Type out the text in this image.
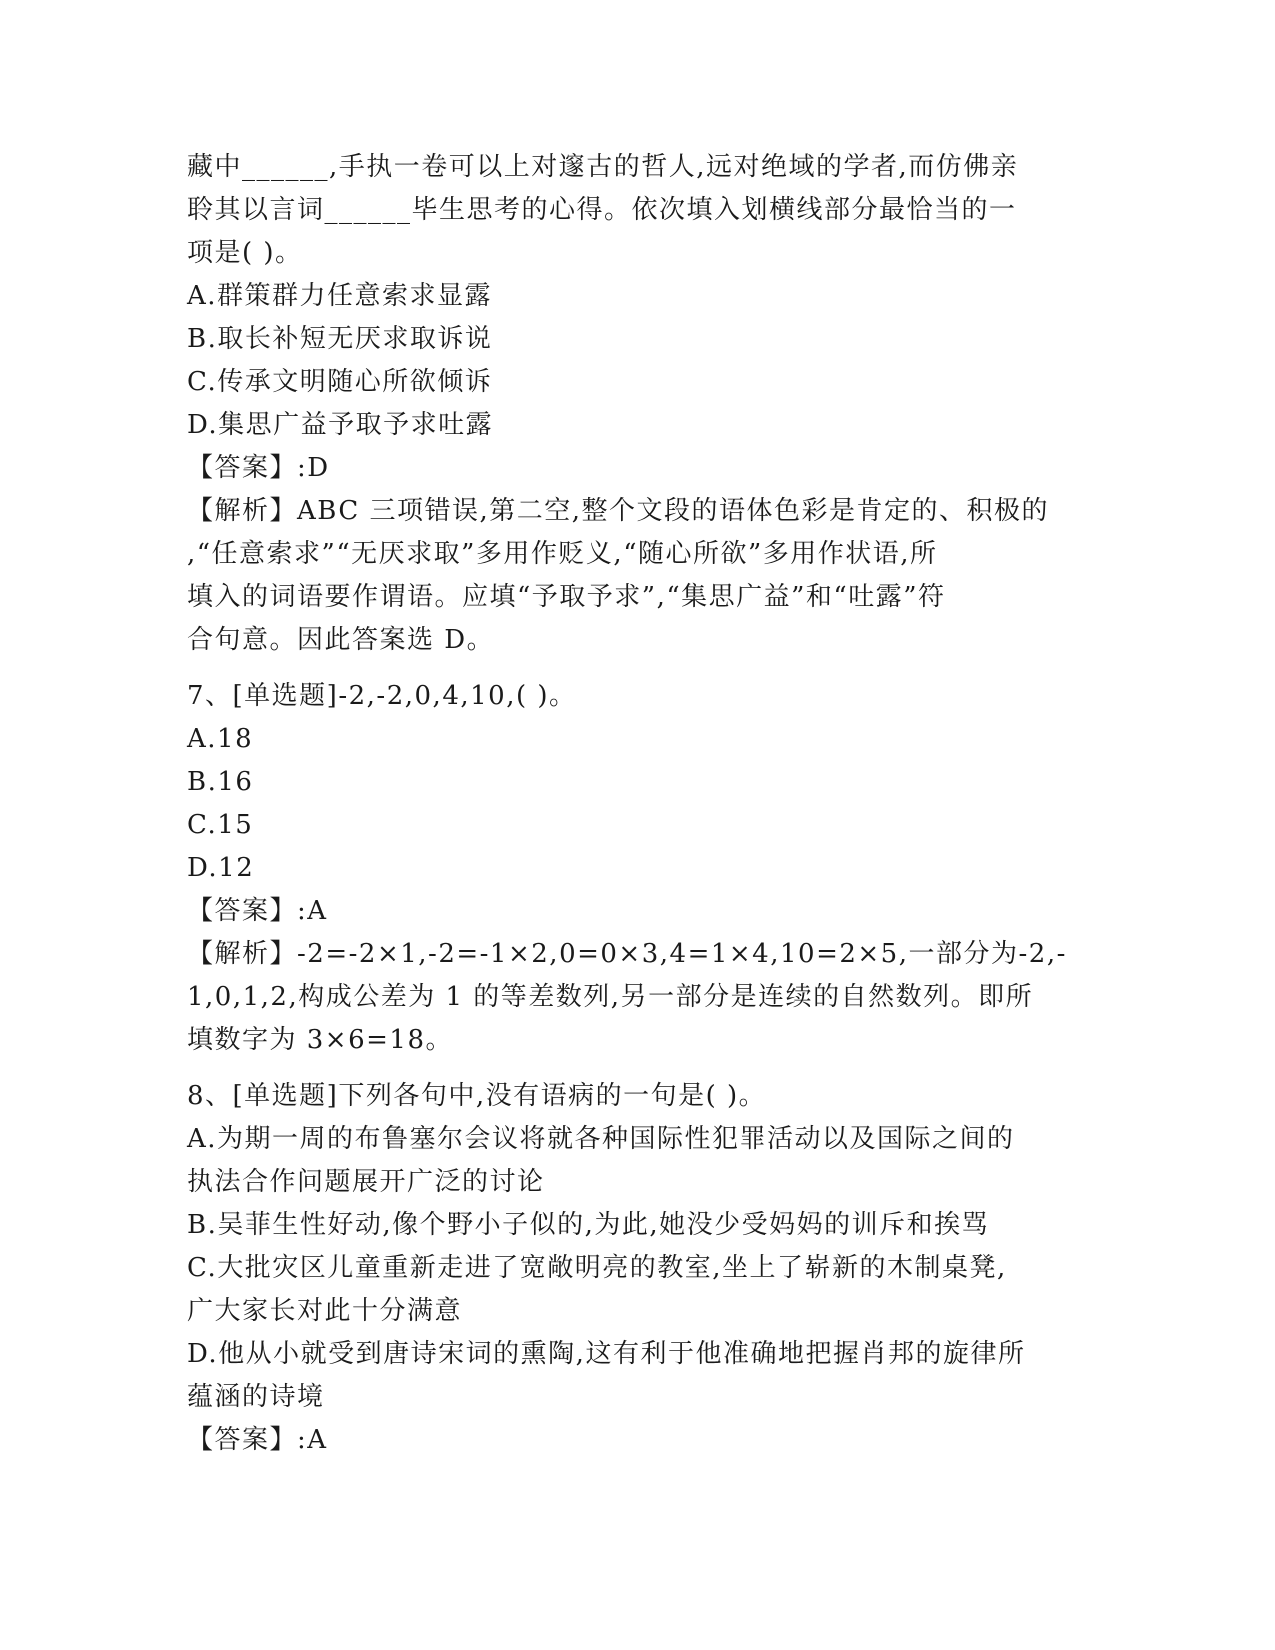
藏中______,手执一卷可以上对邃古的哲人,远对绝域的学者,而仿佛亲
聆其以言词______毕生思考的心得。依次填入划横线部分最恰当的一
项是( )。
A.群策群力任意索求显露
B.取长补短无厌求取诉说
C.传承文明随心所欲倾诉
D.集思广益予取予求吐露
【答案】:D
【解析】ABC 三项错误,第二空,整个文段的语体色彩是肯定的、积极的
,“任意索求”“无厌求取”多用作贬义,“随心所欲”多用作状语,所
填入的词语要作谓语。应填“予取予求”,“集思广益”和“吐露”符
合句意。因此答案选 D。
7、[单选题]-2,-2,0,4,10,( )。
A.18
B.16
C.15
D.12
【答案】:A
【解析】-2=-2×1,-2=-1×2,0=0×3,4=1×4,10=2×5,一部分为-2,-
1,0,1,2,构成公差为 1 的等差数列,另一部分是连续的自然数列。即所
填数字为 3×6=18。
8、[单选题]下列各句中,没有语病的一句是( )。
A.为期一周的布鲁塞尔会议将就各种国际性犯罪活动以及国际之间的
执法合作问题展开广泛的讨论
B.吴菲生性好动,像个野小子似的,为此,她没少受妈妈的训斥和挨骂
C.大批灾区儿童重新走进了宽敞明亮的教室,坐上了崭新的木制桌凳,
广大家长对此十分满意
D.他从小就受到唐诗宋词的熏陶,这有利于他准确地把握肖邦的旋律所
蕴涵的诗境
【答案】:A
